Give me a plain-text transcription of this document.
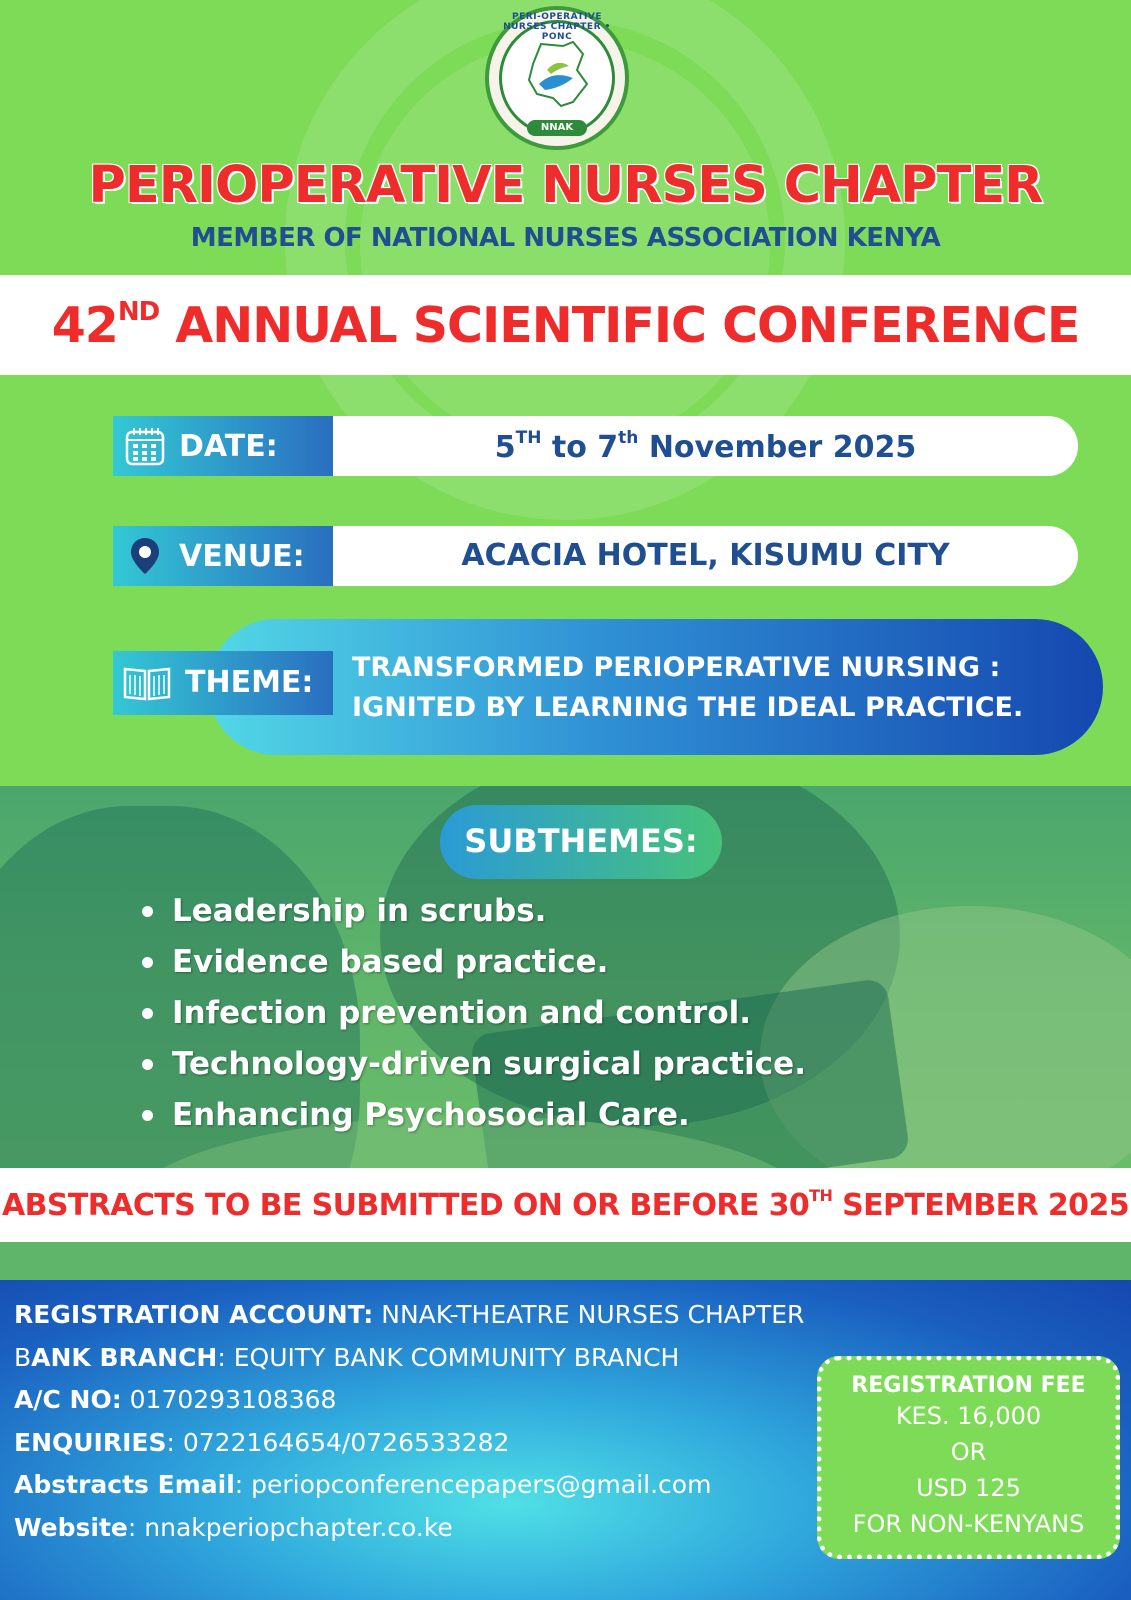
PERI-OPERATIVE NURSES CHAPTER • PONC
NNAK
PERIOPERATIVE NURSES CHAPTER
MEMBER OF NATIONAL NURSES ASSOCIATION KENYA
42ND ANNUAL SCIENTIFIC CONFERENCE
DATE:	5TH to 7th November 2025
VENUE:	ACACIA HOTEL, KISUMU CITY
THEME: TRANSFORMED PERIOPERATIVE NURSING :
IGNITED BY LEARNING THE IDEAL PRACTICE.
SUBTHEMES:
Leadership in scrubs.
Evidence based practice.
Infection prevention and control.
Technology-driven surgical practice.
Enhancing Psychosocial Care.
ABSTRACTS TO BE SUBMITTED ON OR BEFORE 30TH SEPTEMBER 2025
REGISTRATION ACCOUNT: NNAK-THEATRE NURSES CHAPTER
BANK BRANCH: EQUITY BANK COMMUNITY BRANCH
A/C NO: 0170293108368
ENQUIRIES: 0722164654/0726533282
Abstracts Email: periopconferencepapers@gmail.com
Website: nnakperiopchapter.co.ke
REGISTRATION FEE
KES. 16,000
OR
USD 125
FOR NON-KENYANS
